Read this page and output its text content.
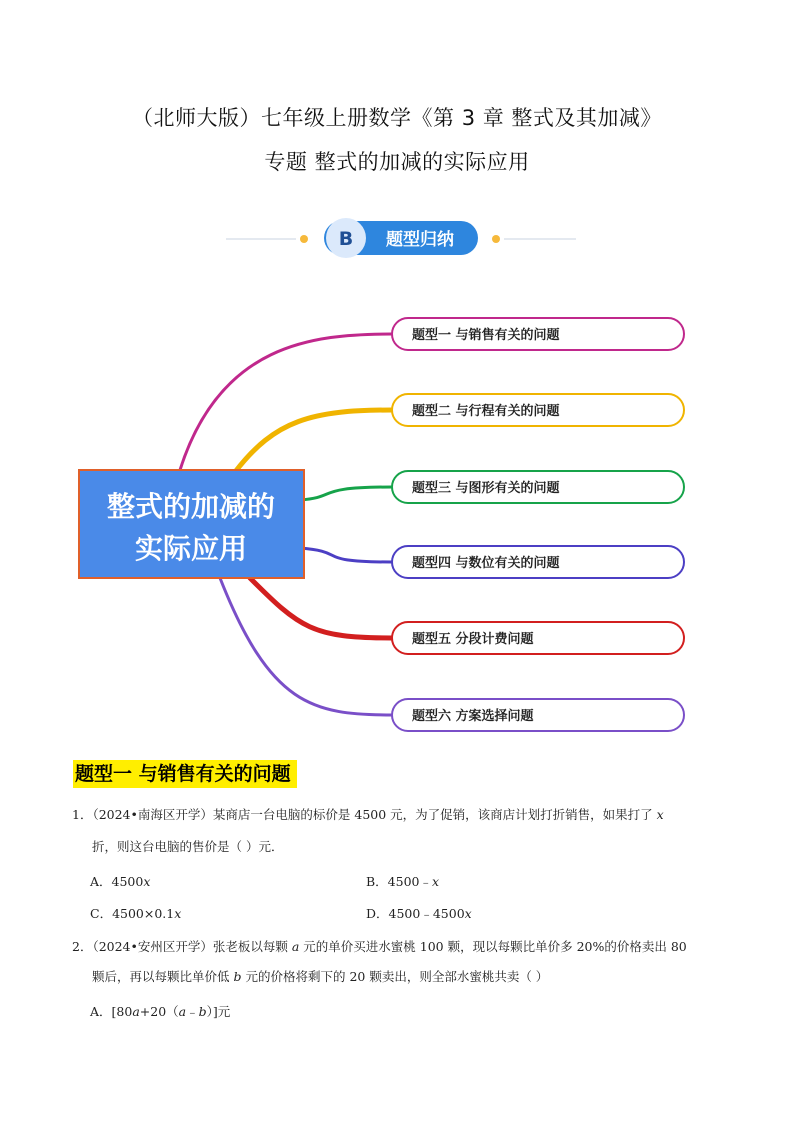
（北师大版）七年级上册数学《第 3 章 整式及其加减》
专题 整式的加减的实际应用
B 题型归纳
整式的加减的
实际应用
题型一 与销售有关的问题
题型二 与行程有关的问题
题型三 与图形有关的问题
题型四 与数位有关的问题
题型五 分段计费问题
题型六 方案选择问题
题型一 与销售有关的问题
1．（2024•南海区开学）某商店一台电脑的标价是 4500 元，为了促销，该商店计划打折销售，如果打了 x
折，则这台电脑的售价是（ ）元．
A．4500x	B．4500﹣x
C．4500×0.1x	D．4500﹣4500x
2．（2024•安州区开学）张老板以每颗 a 元的单价买进水蜜桃 100 颗，现以每颗比单价多 20%的价格卖出 80
颗后，再以每颗比单价低 b 元的价格将剩下的 20 颗卖出，则全部水蜜桃共卖（ ）
A．[80a+20（a﹣b）]元
